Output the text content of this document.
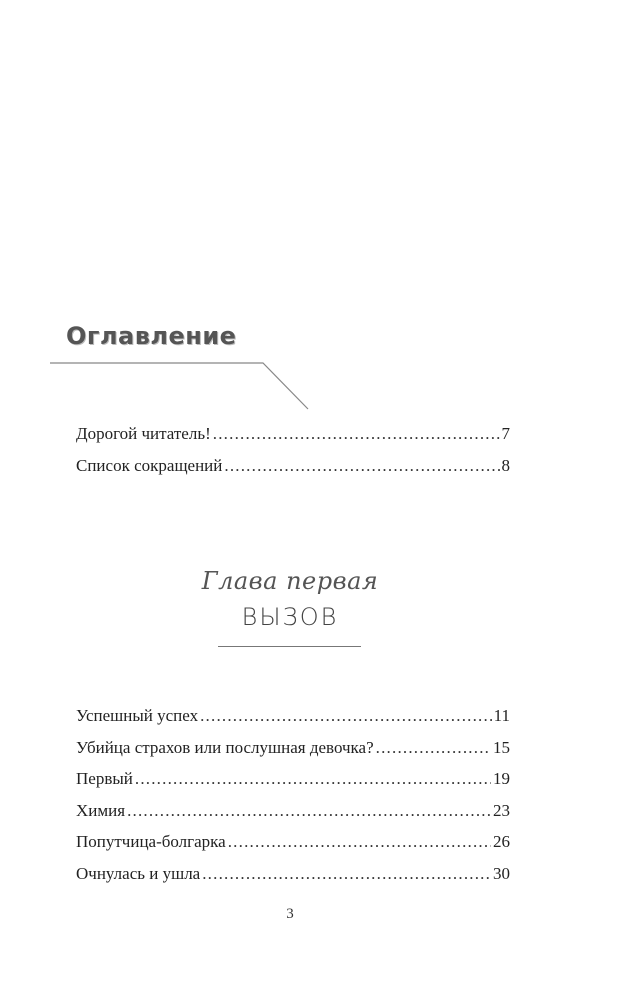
Оглавление
Дорогой читатель! .....	7
Список сокращений .....	8
Глава первая
ВЫЗОВ
Успешный успех .....	11
Убийца страхов или послушная девочка? .....	15
Первый .....	19
Химия .....	23
Попутчица-болгарка .....	26
Очнулась и ушла .....	30
3
